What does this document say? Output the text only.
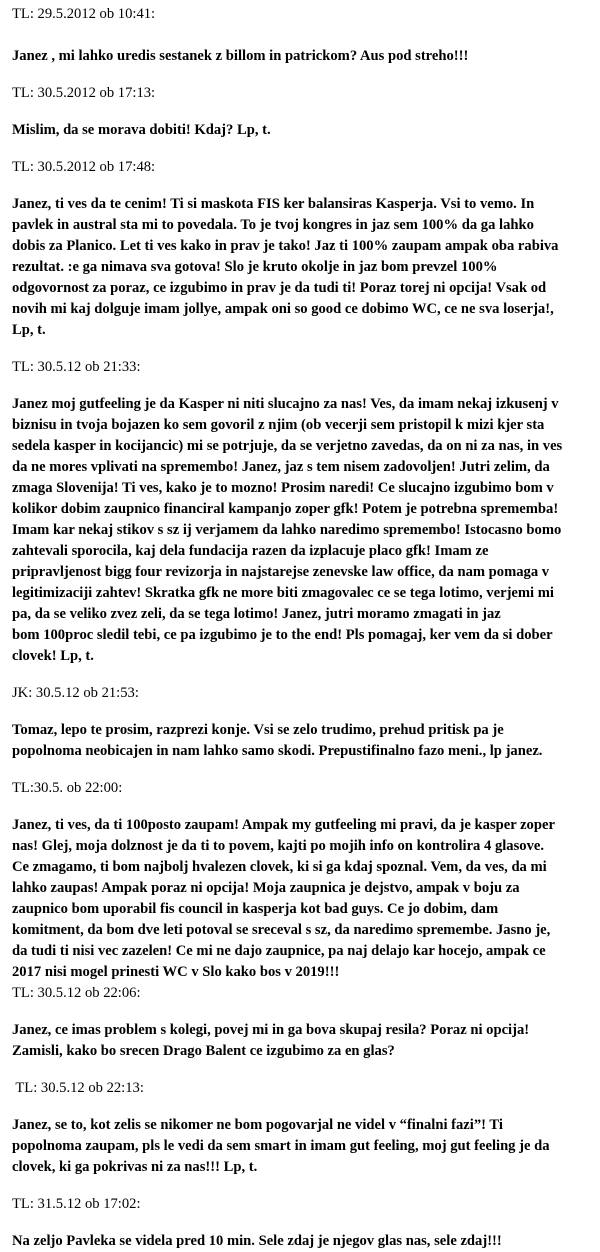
TL: 29.5.2012 ob 10:41:

Janez , mi lahko uredis sestanek z billom in patrickom? Aus pod streho!!!

TL: 30.5.2012 ob 17:13:

Mislim, da se morava dobiti! Kdaj? Lp, t.

TL: 30.5.2012 ob 17:48:

Janez, ti ves da te cenim! Ti si maskota FIS ker balansiras Kasperja. Vsi to vemo. In
pavlek in austral sta mi to povedala. To je tvoj kongres in jaz sem 100% da ga lahko
dobis za Planico. Let ti ves kako in prav je tako! Jaz ti 100% zaupam ampak oba rabiva
rezultat. :e ga nimava sva gotova! Slo je kruto okolje in jaz bom prevzel 100%
odgovornost za poraz, ce izgubimo in prav je da tudi ti! Poraz torej ni opcija! Vsak od
novih mi kaj dolguje imam jollye, ampak oni so good ce dobimo WC, ce ne sva loserja!,
Lp, t.

TL: 30.5.12 ob 21:33:

Janez moj gutfeeling je da Kasper ni niti slucajno za nas! Ves, da imam nekaj izkusenj v
biznisu in tvoja bojazen ko sem govoril z njim (ob vecerji sem pristopil k mizi kjer sta
sedela kasper in kocijancic) mi se potrjuje, da se verjetno zavedas, da on ni za nas, in ves
da ne mores vplivati na spremembo! Janez, jaz s tem nisem zadovoljen! Jutri zelim, da
zmaga Slovenija! Ti ves, kako je to mozno! Prosim naredi! Ce slucajno izgubimo bom v
kolikor dobim zaupnico financiral kampanjo zoper gfk! Potem je potrebna sprememba!
Imam kar nekaj stikov s sz ij verjamem da lahko naredimo spremembo! Istocasno bomo
zahtevali sporocila, kaj dela fundacija razen da izplacuje placo gfk! Imam ze
pripravljenost bigg four revizorja in najstarejse zenevske law office, da nam pomaga v
legitimizaciji zahtev! Skratka gfk ne more biti zmagovalec ce se tega lotimo, verjemi mi
pa, da se veliko zvez zeli, da se tega lotimo! Janez, jutri moramo zmagati in jaz
bom 100proc sledil tebi, ce pa izgubimo je to the end! Pls pomagaj, ker vem da si dober
clovek! Lp, t.

JK: 30.5.12 ob 21:53:

Tomaz, lepo te prosim, razprezi konje. Vsi se zelo trudimo, prehud pritisk pa je
popolnoma neobicajen in nam lahko samo skodi. Prepustifinalno fazo meni., lp janez.

TL:30.5. ob 22:00:

Janez, ti ves, da ti 100posto zaupam! Ampak my gutfeeling mi pravi, da je kasper zoper
nas! Glej, moja dolznost je da ti to povem, kajti po mojih info on kontrolira 4 glasove.
Ce zmagamo, ti bom najbolj hvalezen clovek, ki si ga kdaj spoznal. Vem, da ves, da mi
lahko zaupas! Ampak poraz ni opcija! Moja zaupnica je dejstvo, ampak v boju za
zaupnico bom uporabil fis council in kasperja kot bad guys. Ce jo dobim, dam
komitment, da bom dve leti potoval se sreceval s sz, da naredimo spremembe. Jasno je,
da tudi ti nisi vec zazelen! Ce mi ne dajo zaupnice, pa naj delajo kar hocejo, ampak ce
2017 nisi mogel prinesti WC v Slo kako bos v 2019!!!

TL: 30.5.12 ob 22:06:

Janez, ce imas problem s kolegi, povej mi in ga bova skupaj resila? Poraz ni opcija!
Zamisli, kako bo srecen Drago Balent ce izgubimo za en glas?

TL: 30.5.12 ob 22:13:

Janez, se to, kot zelis se nikomer ne bom pogovarjal ne videl v “finalni fazi”! Ti
popolnoma zaupam, pls le vedi da sem smart in imam gut feeling, moj gut feeling je da
clovek, ki ga pokrivas ni za nas!!! Lp, t.

TL: 31.5.12 ob 17:02:

Na zeljo Pavleka se videla pred 10 min. Sele zdaj je njegov glas nas, sele zdaj!!!
